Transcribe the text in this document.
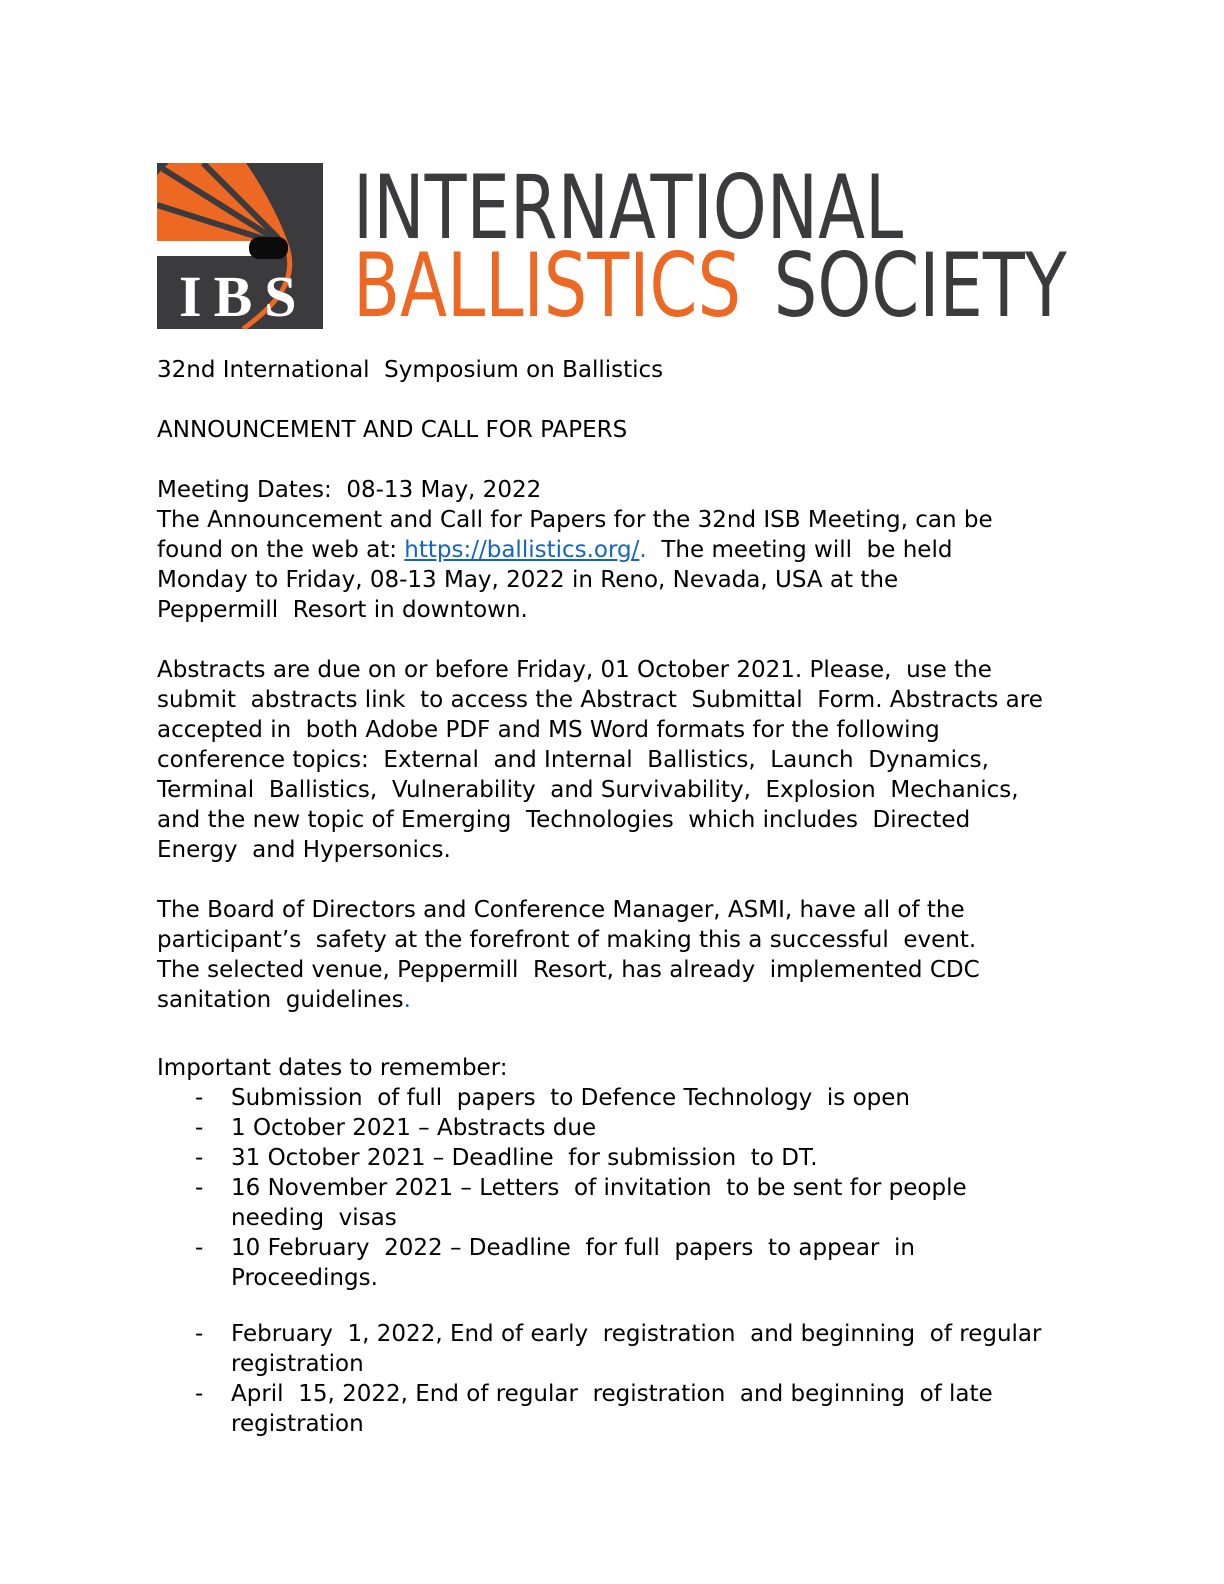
IBS
INTERNATIONAL
BALLISTICS SOCIETY
32nd International  Symposium on Ballistics
ANNOUNCEMENT AND CALL FOR PAPERS
Meeting Dates:  08-13 May, 2022
The Announcement and Call for Papers for the 32nd ISB Meeting, can be
found on the web at: https://ballistics.org/.  The meeting will  be held
Monday to Friday, 08-13 May, 2022 in Reno, Nevada, USA at the
Peppermill  Resort in downtown.
Abstracts are due on or before Friday, 01 October 2021. Please,  use the
submit  abstracts link  to access the Abstract  Submittal  Form. Abstracts are
accepted in  both Adobe PDF and MS Word formats for the following
conference topics:  External  and Internal  Ballistics,  Launch  Dynamics,
Terminal  Ballistics,  Vulnerability  and Survivability,  Explosion  Mechanics,
and the new topic of Emerging  Technologies  which includes  Directed
Energy  and Hypersonics.
The Board of Directors and Conference Manager, ASMI, have all of the
participant’s  safety at the forefront of making this a successful  event.
The selected venue, Peppermill  Resort, has already  implemented CDC
sanitation  guidelines.
Important dates to remember:
-	Submission  of full  papers  to Defence Technology  is open
-	1 October 2021 – Abstracts due
-	31 October 2021 – Deadline  for submission  to DT.
-	16 November 2021 – Letters  of invitation  to be sent for people
needing  visas
-	10 February  2022 – Deadline  for full  papers  to appear  in
Proceedings.
-	February  1, 2022, End of early  registration  and beginning  of regular
registration
-	April  15, 2022, End of regular  registration  and beginning  of late
registration
